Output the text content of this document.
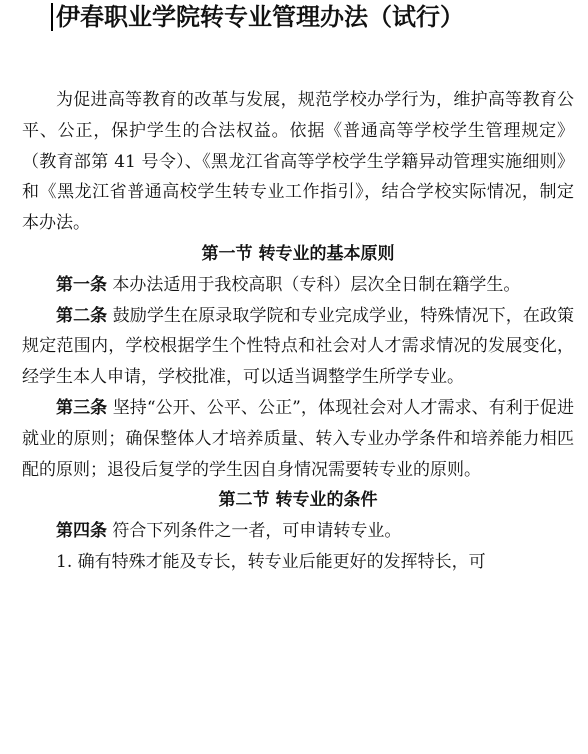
伊春职业学院转专业管理办法（试行）

为促进高等教育的改革与发展，规范学校办学行为，维护高等教育公平、公正，保护学生的合法权益。依据《普通高等学校学生管理规定》（教育部第 41 号令）、《黑龙江省高等学校学生学籍异动管理实施细则》和《黑龙江省普通高校学生转专业工作指引》，结合学校实际情况，制定本办法。

第一节 转专业的基本原则

第一条 本办法适用于我校高职（专科）层次全日制在籍学生。

第二条 鼓励学生在原录取学院和专业完成学业，特殊情况下，在政策规定范围内，学校根据学生个性特点和社会对人才需求情况的发展变化，经学生本人申请，学校批准，可以适当调整学生所学专业。

第三条 坚持“公开、公平、公正”，体现社会对人才需求、有利于促进就业的原则；确保整体人才培养质量、转入专业办学条件和培养能力相匹配的原则；退役后复学的学生因自身情况需要转专业的原则。

第二节 转专业的条件

第四条 符合下列条件之一者，可申请转专业。

1. 确有特殊才能及专长，转专业后能更好的发挥特长，可
